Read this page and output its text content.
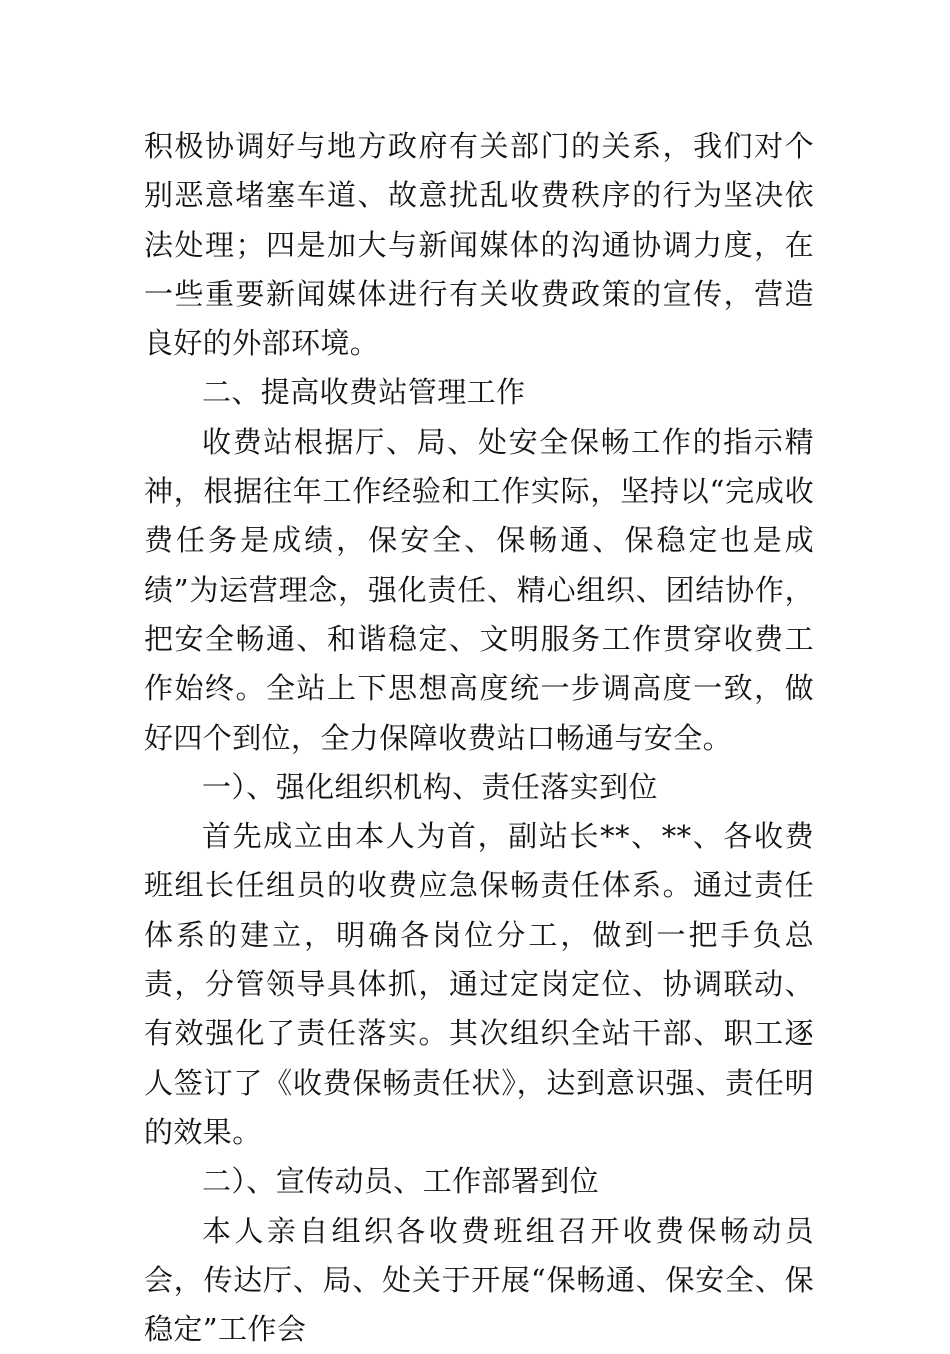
积极协调好与地方政府有关部门的关系，我们对个别恶意堵塞车道、故意扰乱收费秩序的行为坚决依法处理；四是加大与新闻媒体的沟通协调力度，在一些重要新闻媒体进行有关收费政策的宣传，营造良好的外部环境。

二、提高收费站管理工作

收费站根据厅、局、处安全保畅工作的指示精神，根据往年工作经验和工作实际，坚持以“完成收费任务是成绩，保安全、保畅通、保稳定也是成绩”为运营理念，强化责任、精心组织、团结协作，把安全畅通、和谐稳定、文明服务工作贯穿收费工作始终。全站上下思想高度统一步调高度一致，做好四个到位，全力保障收费站口畅通与安全。

一）、强化组织机构、责任落实到位

首先成立由本人为首，副站长**、**、各收费班组长任组员的收费应急保畅责任体系。通过责任体系的建立，明确各岗位分工，做到一把手负总责，分管领导具体抓，通过定岗定位、协调联动、有效强化了责任落实。其次组织全站干部、职工逐人签订了《收费保畅责任状》，达到意识强、责任明的效果。

二）、宣传动员、工作部署到位

本人亲自组织各收费班组召开收费保畅动员会，传达厅、局、处关于开展“保畅通、保安全、保稳定”工作会
